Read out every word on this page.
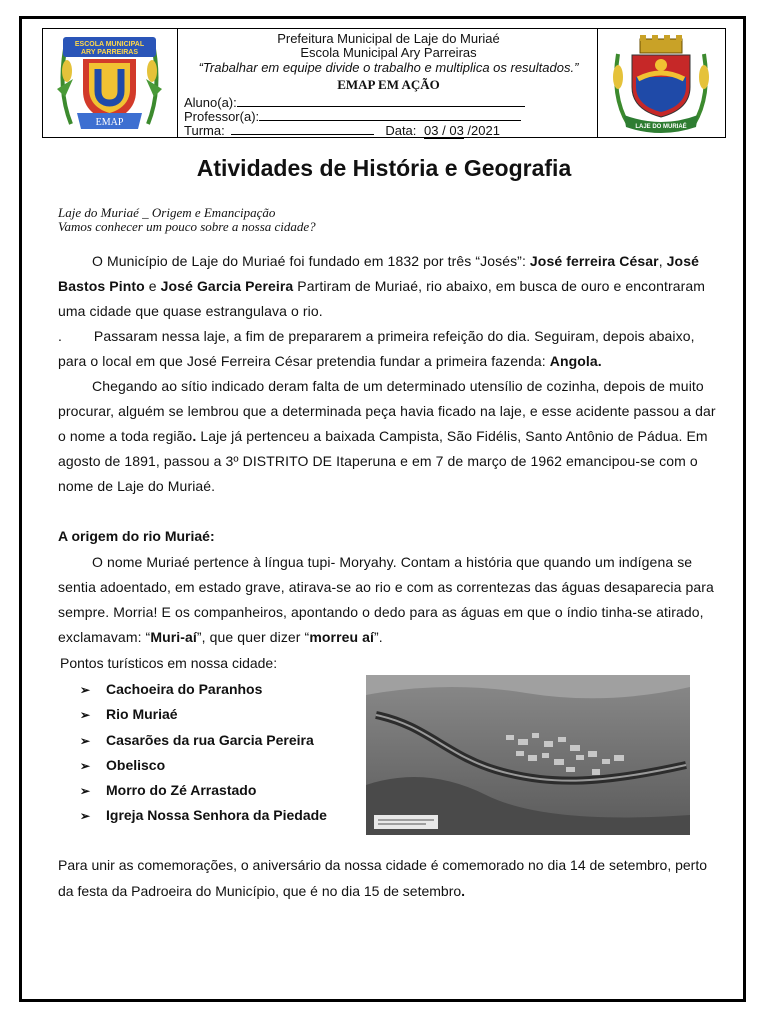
ESCOLA MUNICIPAL
ARY PARREIRAS
EMAP
Prefeitura Municipal de Laje do Muriaé
Escola Municipal Ary Parreiras
“Trabalhar em equipe divide o trabalho e multiplica os resultados.”
EMAP EM AÇÃO
Aluno(a):
Professor(a):
Turma:	Data: 03 / 03 /2021	LAJE DO MURIAÉ
Atividades de História e Geografia
Laje do Muriaé _ Origem e Emancipação
Vamos conhecer um pouco sobre a nossa cidade?

O Município de Laje do Muriaé foi fundado em 1832 por três “Josés”: José ferreira César, José Bastos Pinto e José Garcia Pereira Partiram de Muriaé, rio abaixo, em busca de ouro e encontraram uma cidade que quase estrangulava o rio.

.        Passaram nessa laje, a fim de prepararem a primeira refeição do dia. Seguiram, depois abaixo, para o local em que José Ferreira César pretendia fundar a primeira fazenda: Angola.

Chegando ao sítio indicado deram falta de um determinado utensílio de cozinha, depois de muito procurar, alguém se lembrou que a determinada peça havia ficado na laje, e esse acidente passou a dar o nome a toda região. Laje já pertenceu a baixada Campista, São Fidélis, Santo Antônio de Pádua. Em agosto de 1891, passou a 3º DISTRITO DE Itaperuna e em 7 de março de 1962 emancipou-se com o nome de Laje do Muriaé.

A origem do rio Muriaé:

O nome Muriaé pertence à língua tupi- Moryahy. Contam a história que quando um indígena se sentia adoentado, em estado grave, atirava-se ao rio e com as correntezas das águas desaparecia para sempre. Morria! E os companheiros, apontando o dedo para as águas em que o índio tinha-se atirado, exclamavam: “Muri-aí”, que quer dizer “morreu aí”.

Pontos turísticos em nossa cidade:
➢ Cachoeira do Paranhos
➢ Rio Muriaé
➢ Casarões da rua Garcia Pereira
➢ Obelisco
➢ Morro do Zé Arrastado
➢ Igreja Nossa Senhora da Piedade
Para unir as comemorações, o aniversário da nossa cidade é comemorado no dia 14 de setembro, perto da festa da Padroeira do Município, que é no dia 15 de setembro.
